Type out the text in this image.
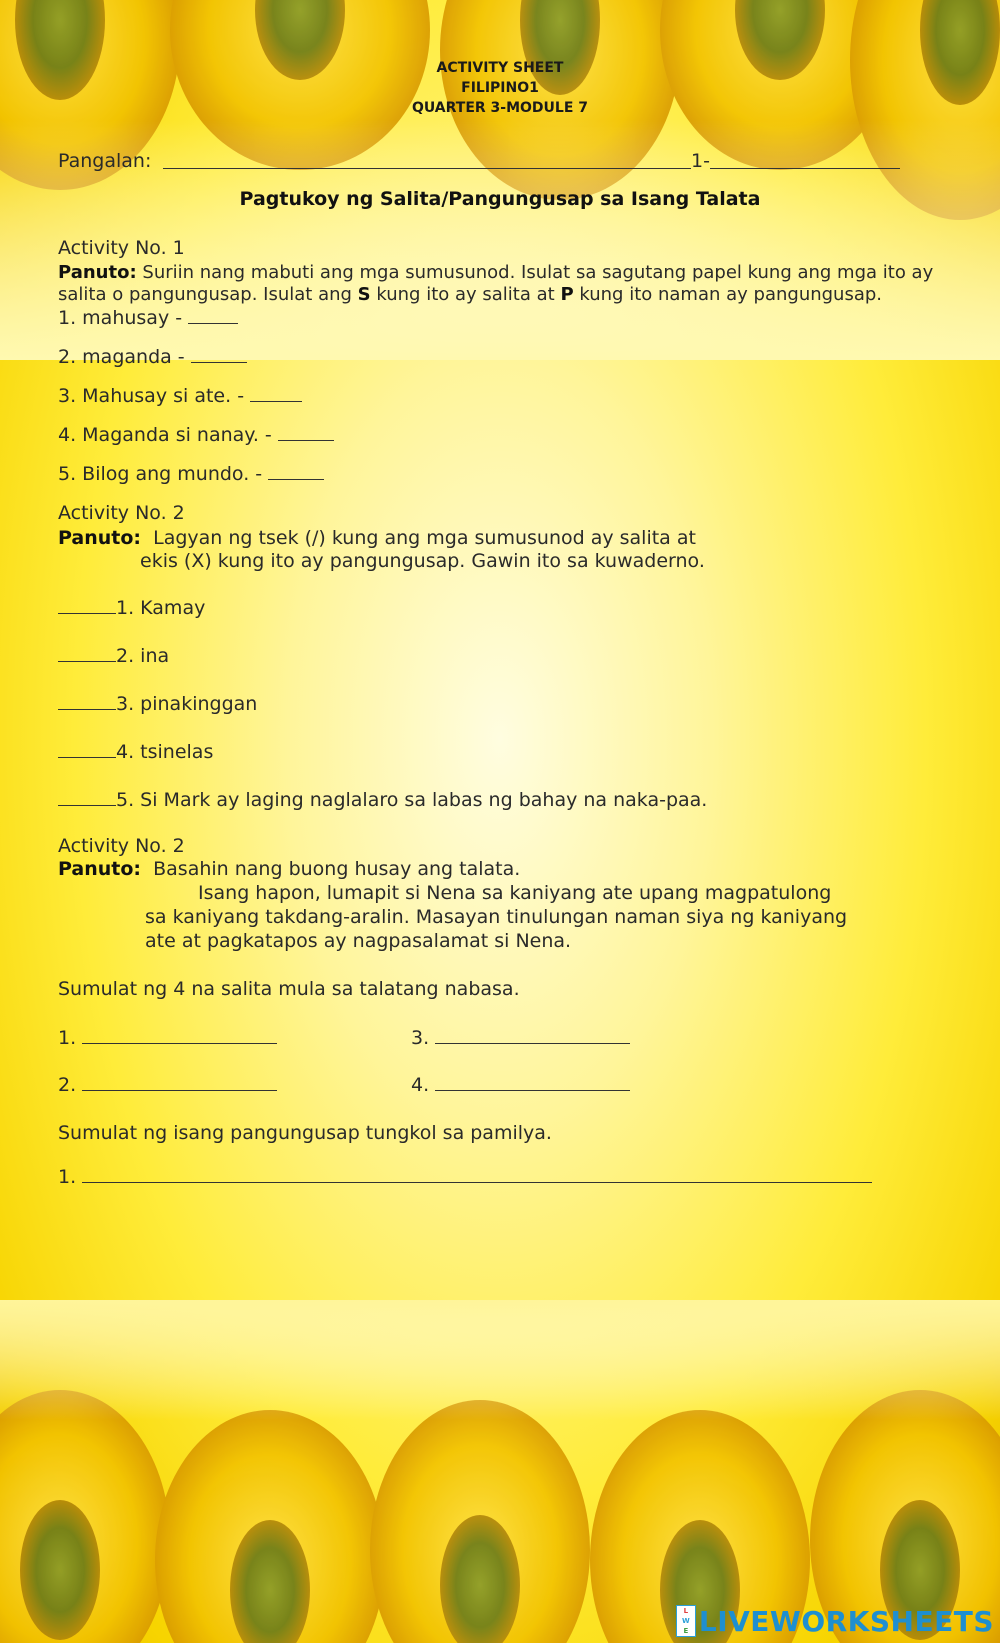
ACTIVITY SHEET
FILIPINO1
QUARTER 3-MODULE 7
Pangalan:	1-
Pagtukoy ng Salita/Pangungusap sa Isang Talata
Activity No. 1
Panuto: Suriin nang mabuti ang mga sumusunod. Isulat sa sagutang papel kung ang mga ito ay
salita o pangungusap. Isulat ang S kung ito ay salita at P kung ito naman ay pangungusap.
1. mahusay -
2. maganda -
3. Mahusay si ate. -
4. Maganda si nanay. -
5. Bilog ang mundo. -
Activity No. 2
Panuto: Lagyan ng tsek (/) kung ang mga sumusunod ay salita at
ekis (X) kung ito ay pangungusap. Gawin ito sa kuwaderno.
1. Kamay
2. ina
3. pinakinggan
4. tsinelas
5. Si Mark ay laging naglalaro sa labas ng bahay na naka-paa.
Activity No. 2
Panuto: Basahin nang buong husay ang talata.
Isang hapon, lumapit si Nena sa kaniyang ate upang magpatulong
sa kaniyang takdang-aralin. Masayan tinulungan naman siya ng kaniyang
ate at pagkatapos ay nagpasalamat si Nena.
Sumulat ng 4 na salita mula sa talatang nabasa.
1.	3.
2.	4.
Sumulat ng isang pangungusap tungkol sa pamilya.
1.
L
W
E LIVEWORKSHEETS
